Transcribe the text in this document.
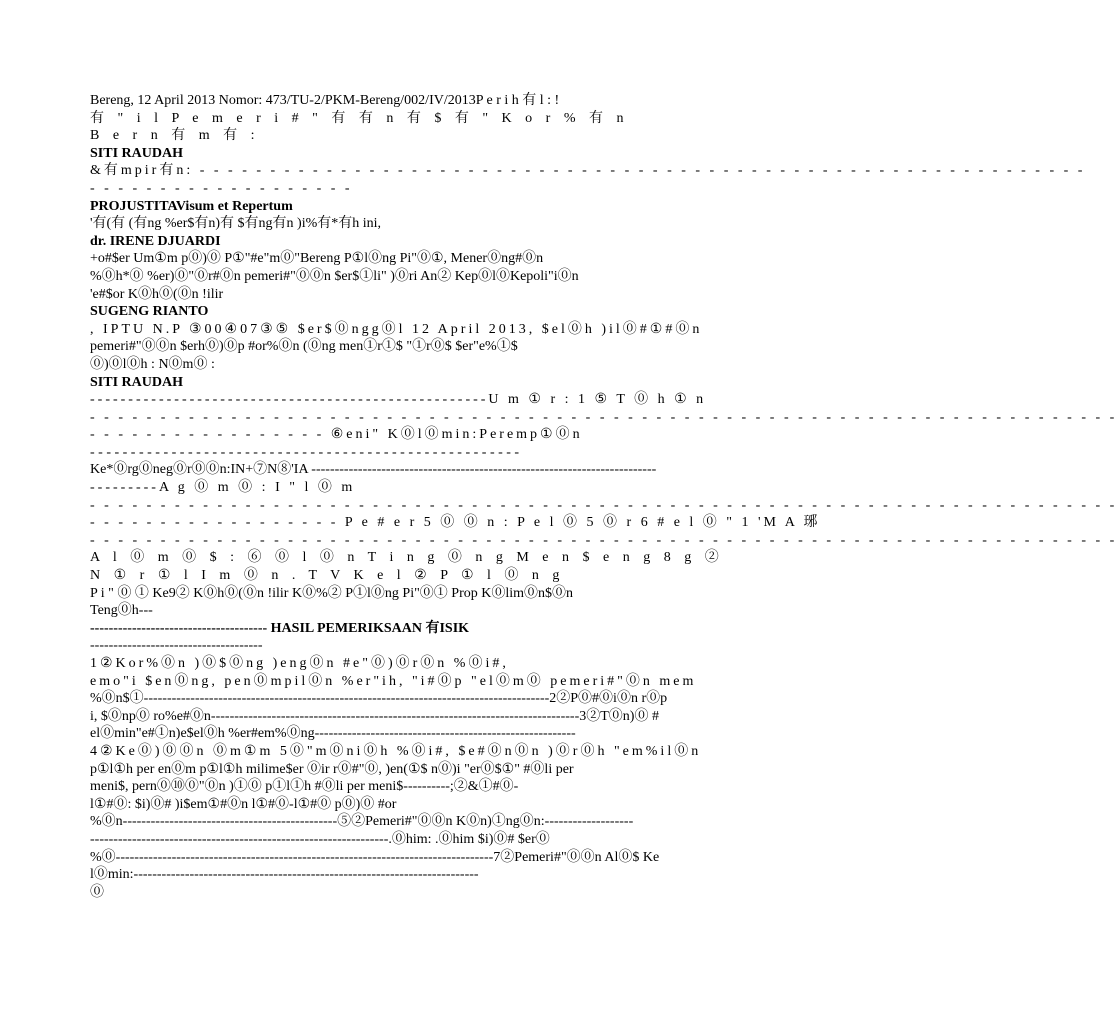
Bereng, 12 April 2013 Nomor: 473/TU-2/PKM-Bereng/002/IV/2013P e r i h 有 l : !
有 " i l P e m e r i # " 有 有 n 有 $ 有 " K o r % 有 n
B e r n 有 m 有 :
SITI RAUDAH
&有mpir有n: - - - - - - - - - - - - - - - - - - - - - - - - - - - - - - - - - - - - - - - - - - - - - - - - - - - - - - - - - - - - - - -
- - - - - - - - - - - - - - - - - - -
PROJUSTITAVisum et Repertum
'有(有 (有ng %er$有n)有 $有ng有n )i%有*有h ini,
dr. IRENE DJUARDI
+o#$er Um①m p⓪)⓪ P①"#e"m⓪"Bereng P①l⓪ng Pi"⓪①, Mener⓪ng#⓪n
%⓪h*⓪ %er)⓪"⓪r#⓪n pemeri#"⓪⓪n $er$①li" )⓪ri An② Kep⓪l⓪Kepoli"i⓪n
'e#$or K⓪h⓪(⓪n !ilir
SUGENG RIANTO
, IPTU N.P ③00④07③⑤ $er$⓪ngg⓪l 12 April 2013, $el⓪h )il⓪#①#⓪n
pemeri#"⓪⓪n $erh⓪)⓪p #or%⓪n (⓪ng men①r①$ "①r⓪$ $er"e%①$
⓪)⓪l⓪h : N⓪m⓪ :
SITI RAUDAH
----------------------------------------------------U m ① r : 1 ⑤ T ⓪ h ① n
- - - - - - - - - - - - - - - - - - - - - - - - - - - - - - - - - - - - - - - - - - - - - - - - - - - - - - - - - - - - - - - - - - - - - - - - -
- - - - - - - - - - - - - - - - - ⑥eni" K⓪l⓪min:Peremp①⓪n
- - - - - - - - - - - - - - - - - - - - - - - - - - - - - - - - - - - - - - - - - - - - - - - - - - - - -
Ke*⓪rg⓪neg⓪r⓪⓪n:IN+⑦N⑧'IA --------------------------------------------------------------------------
---------A g ⓪ m ⓪ : I " l ⓪ m
- - - - - - - - - - - - - - - - - - - - - - - - - - - - - - - - - - - - - - - - - - - - - - - - - - - - - - - - - - - - - - - - - - - - - - - - -
- - - - - - - - - - - - - - - - - - P e # e r 5 ⓪ ⓪ n : P e l ⓪ 5 ⓪ r 6 # e l ⓪ " 1 'M A 琊
- - - - - - - - - - - - - - - - - - - - - - - - - - - - - - - - - - - - - - - - - - - - - - - - - - - - - - - - - - - - - - - - - - - - - - - - -
A l ⓪ m ⓪ $ : ⑥ ⓪ l ⓪ n T i n g ⓪ n g M e n $ e n g 8 g ②
N ① r ① l I m ⓪ n . T V K e l ② P ① l ⓪ n g
P i " ⓪ ① Ke9② K⓪h⓪(⓪n !ilir K⓪%② P①l⓪ng Pi"⓪① Prop K⓪lim⓪n$⓪n
Teng⓪h---
-------------------------------------- HASIL PEMERIKSAAN 有ISIK
-------------------------------------
1②Kor%⓪n )⓪$⓪ng )eng⓪n #e"⓪)⓪r⓪n %⓪i#,
emo"i $en⓪ng, pen⓪mpil⓪n %er"ih, "i#⓪p "el⓪m⓪ pemeri#"⓪n mem
%⓪n$①---------------------------------------------------------------------------------------2②P⓪#⓪i⓪n r⓪p
i, $⓪np⓪ ro%e#⓪n-------------------------------------------------------------------------------3②T⓪n)⓪ #
el⓪min"e#①n)e$el⓪h %er#em%⓪ng--------------------------------------------------------
4②Ke⓪)⓪⓪n ⓪m①m 5⓪"m⓪ni⓪h %⓪i#, $e#⓪n⓪n )⓪r⓪h "em%il⓪n
p①l①h per en⓪m p①l①h milime$er ⓪ir r⓪#"⓪, )en(①$ n⓪)i "er⓪$①" #⓪li per
meni$, pern⓪⑩⓪"⓪n )①⓪ p①l①h #⓪li per meni$----------;②&①#⓪-
l①#⓪: $i)⓪# )i$em①#⓪n l①#⓪-l①#⓪ p⓪)⓪ #or
%⓪n----------------------------------------------⑤②Pemeri#"⓪⓪n K⓪n)①ng⓪n:-------------------
----------------------------------------------------------------.⓪him: .⓪him $i)⓪# $er⓪
%⓪---------------------------------------------------------------------------------7②Pemeri#"⓪⓪n Al⓪$ Ke
l⓪min:--------------------------------------------------------------------------
⓪
